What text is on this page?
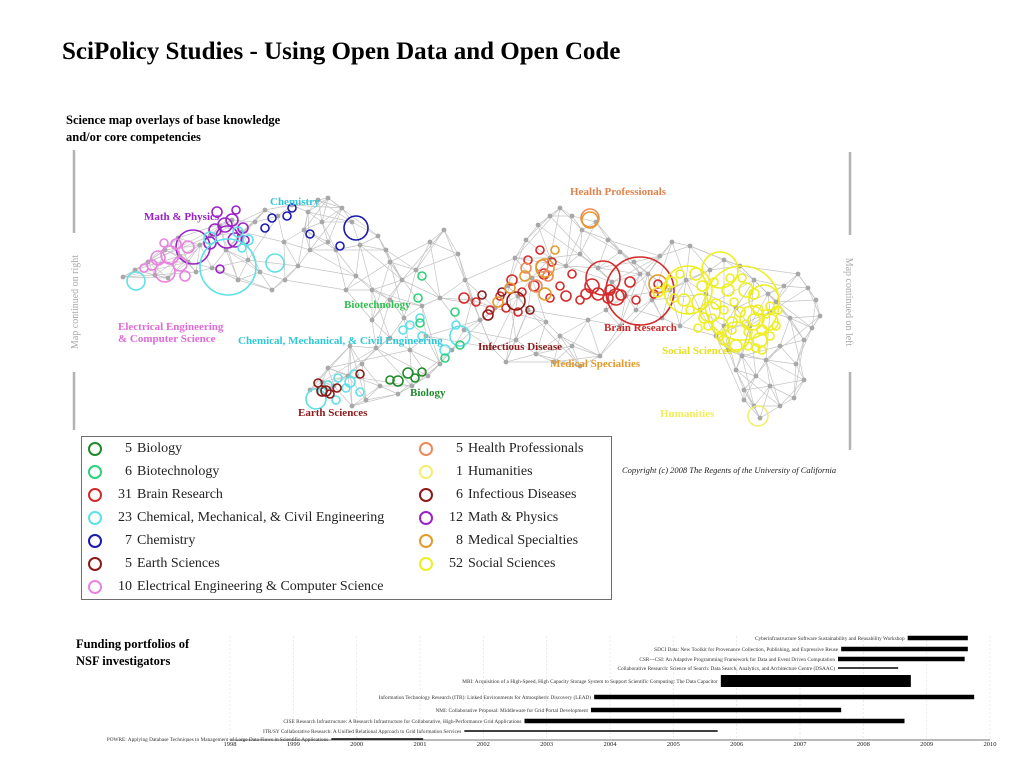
SciPolicy Studies - Using Open Data and Open Code
Science map overlays of base knowledge
and/or core competencies
Map continued on right	Map continued on left
Chemistry
Math & Physics
Health Professionals
Electrical Engineering
& Computer Science
Biotechnology
Chemical, Mechanical, & Civil Engineering
Brain Research
Social Sciences
Infectious Disease
Medical Specialties
Biology
Earth Sciences	Humanities
5 Biology
6 Biotechnology
31 Brain Research
23 Chemical, Mechanical, & Civil Engineering
7 Chemistry
5 Earth Sciences
10 Electrical Engineering & Computer Science
5 Health Professionals
1 Humanities
6 Infectious Diseases
12 Math & Physics
8 Medical Specialties
52 Social Sciences
Copyright (c) 2008 The Regents of the University of California
Funding portfolios of
NSF investigators
Cyberinfrastructure Software Sustainability and Reusability Workshop
SDCI Data: New Toolkit for Provenance Collection, Publishing, and Expressive Reuse
CSR---CSI: An Adaptive Programming Framework for Data and Event Driven Computation
Collaborative Research: Science of Search: Data Search, Analytics, and Architecture Centre (DSAAC)
MRI: Acquisition of a High-Speed, High Capacity Storage System to Support Scientific Computing: The Data Capacitor
Information Technology Research (ITR): Linked Environments for Atmospheric Discovery (LEAD)
NMI: Collaborative Proposal: Middleware for Grid Portal Development
CISE Research Infrastructure: A Research Infrastructure for Collaborative, High-Performance Grid Applications
ITR/SY Collaborative Research: A Unified Relational Approach to Grid Information Services
POWRE: Applying Database Techniques to Management of Large Data Flows in Scientific Applications
1998	1999	2000	2001	2002	2003	2004	2005	2006	2007	2008	2009	2010
